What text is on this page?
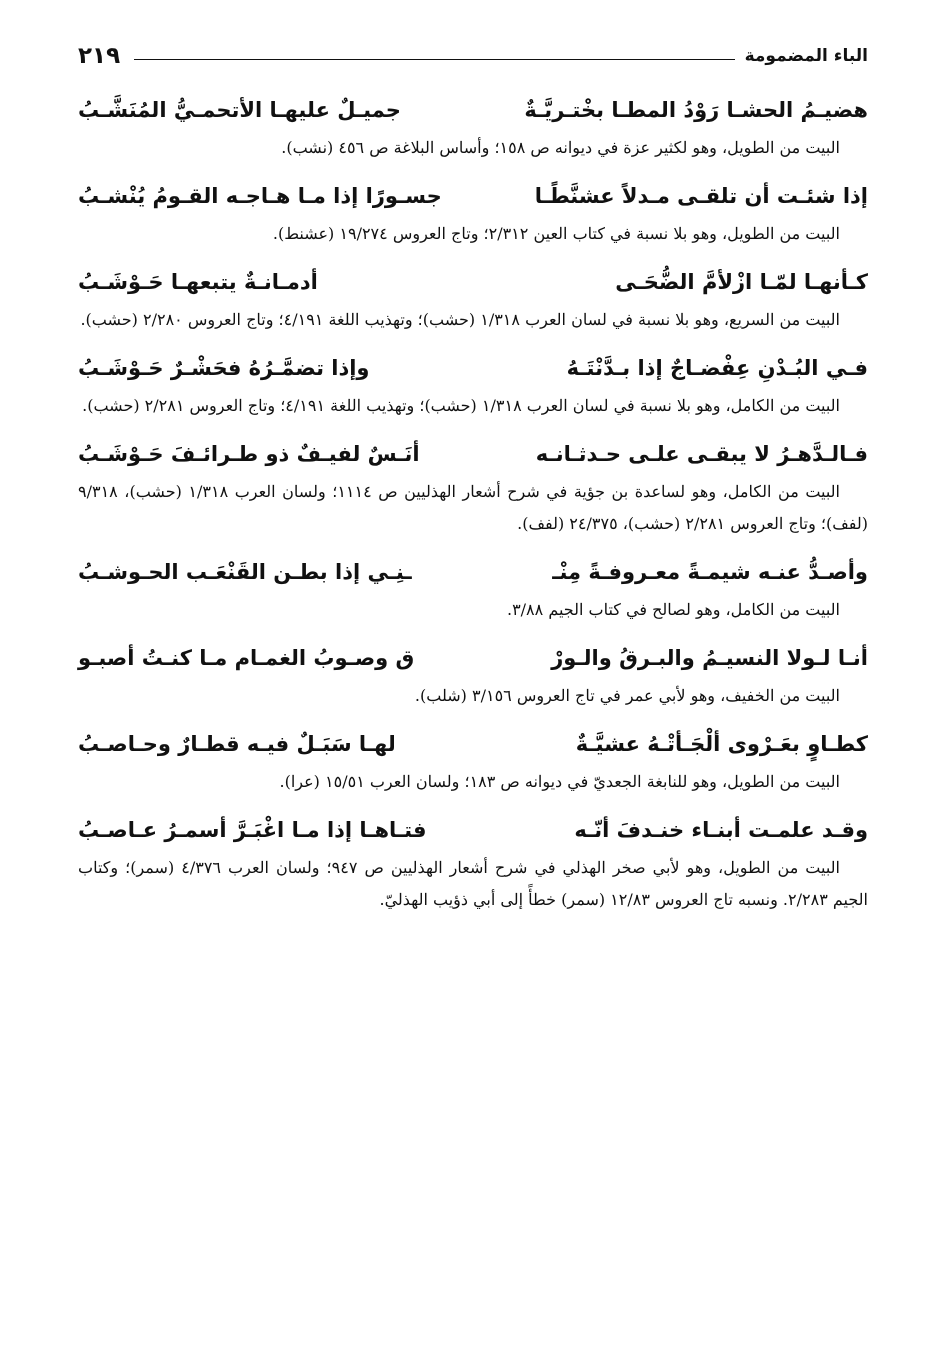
الباء المضمومة
٢١٩
هضيـمُ الحشـا رَوْدُ المطـا بخْتـريَّـةٌ
جميـلٌ عليهـا الأتحمـيُّ المُنَشَّـبُ
البيت من الطويل، وهو لكثير عزة في ديوانه ص ١٥٨؛ وأساس البلاغة ص ٤٥٦ (نشب).
إذا شئـت أن تلقـى مـدلاً عشنَّطًـا
جسـورًا إذا مـا هـاجـه القـومُ يُنْشـبُ
البيت من الطويل، وهو بلا نسبة في كتاب العين ٢/٣١٢؛ وتاج العروس ١٩/٢٧٤ (عشنط).
كـأنهـا لمّـا ازْلأمَّ الضُّحَـى
أدمـانـةٌ يتبعهـا حَـوْشَـبُ
البيت من السريع، وهو بلا نسبة في لسان العرب ١/٣١٨ (حشب)؛ وتهذيب اللغة ٤/١٩١؛ وتاج العروس ٢/٢٨٠ (حشب).
فـي البُـدْنِ عِفْضـاجٌ إذا بـدَّنْتَـهُ
وإذا تضمَّـرُهُ فحَشْـرٌ حَـوْشَـبُ
البيت من الكامل، وهو بلا نسبة في لسان العرب ١/٣١٨ (حشب)؛ وتهذيب اللغة ٤/١٩١؛ وتاج العروس ٢/٢٨١ (حشب).
فـالـدَّهـرُ لا يبقـى علـى حـدثـانـه
أنَـسٌ لفيـفٌ ذو طـرائـفَ حَـوْشَـبُ
البيت من الكامل، وهو لساعدة بن جؤية في شرح أشعار الهذليين ص ١١١٤؛ ولسان العرب ١/٣١٨ (حشب)، ٩/٣١٨ (لفف)؛ وتاج العروس ٢/٢٨١ (حشب)، ٢٤/٣٧٥ (لفف).
وأصـدُّ عنـه شيمـةً معـروفـةً مِنْـ
ـنِـي إذا بطـن القَنْعَـب الحـوشـبُ
البيت من الكامل، وهو لصالح في كتاب الجيم ٣/٨٨.
أنـا لـولا النسيـمُ والبـرقُ والـورْ
ق وصـوبُ الغمـام مـا كنـتُ أصبـو
البيت من الخفيف، وهو لأبي عمر في تاج العروس ٣/١٥٦ (شلب).
كطـاوٍ بعَـرْوى ألْجَـأتْـهُ عشيَّـةٌ
لهـا سَبَـلٌ فيـه قطـارٌ وحـاصـبُ
البيت من الطويل، وهو للنابغة الجعديّ في ديوانه ص ١٨٣؛ ولسان العرب ١٥/٥١ (عرا).
وقـد علمـت أبنـاء خنـدفَ أنّـه
فتـاهـا إذا مـا اغْبَـرَّ أسمـرُ عـاصـبُ
البيت من الطويل، وهو لأبي صخر الهذلي في شرح أشعار الهذليين ص ٩٤٧؛ ولسان العرب ٤/٣٧٦ (سمر)؛ وكتاب الجيم ٢/٢٨٣. ونسبه تاج العروس ١٢/٨٣ (سمر) خطأً إلى أبي ذؤيب الهذليّ.
